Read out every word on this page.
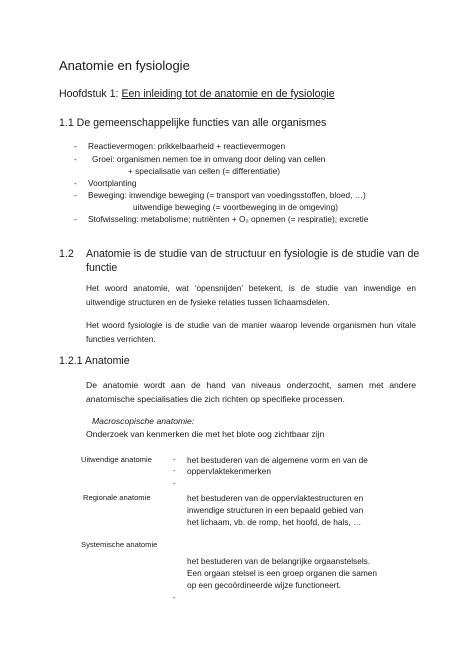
Anatomie en fysiologie
Hoofdstuk 1: Een inleiding tot de anatomie en de fysiologie
1.1 De gemeenschappelijke functies van alle organismes
- Reactievermogen: prikkelbaarheid + reactievermogen
- Groei: organismen nemen toe in omvang door deling van cellen
+ specialisatie van cellen (= differentiatie)
- Voortplanting
- Beweging: inwendige beweging (= transport van voedingsstoffen, bloed, …)
uitwendige beweging (= voortbeweging in de omgeving)
- Stofwisseling: metabolisme; nutriënten + O₂ opnemen (= respiratie); excretie
1.2 Anatomie is de studie van de structuur en fysiologie is de studie van de
functie

Het woord anatomie, wat ‘opensnijden’ betekent, is de studie van inwendige en uitwendige structuren en de fysieke relaties tussen lichaamsdelen.

Het woord fysiologie is de studie van de manier waarop levende organismen hun vitale functies verrichten.

1.2.1 Anatomie

De anatomie wordt aan de hand van niveaus onderzocht, samen met andere anatomische specialisaties die zich richten op specifieke processen.

Macroscopische anatomie:
Onderzoek van kenmerken die met het blote oog zichtbaar zijn
Uitwendige anatomie	-
-
-
het bestuderen van de algemene vorm en van de
oppervlaktekenmerken
Regionale anatomie	het bestuderen van de oppervlaktestructuren en
inwendige structuren in een bepaald gebied van
het lichaam, vb. de romp, het hoofd, de hals, …
Systemische anatomie
het bestuderen van de belangrijke orgaanstelsels.
Een orgaan stelsel is een groep organen die samen
op een gecoördineerde wijze functioneert.
-
